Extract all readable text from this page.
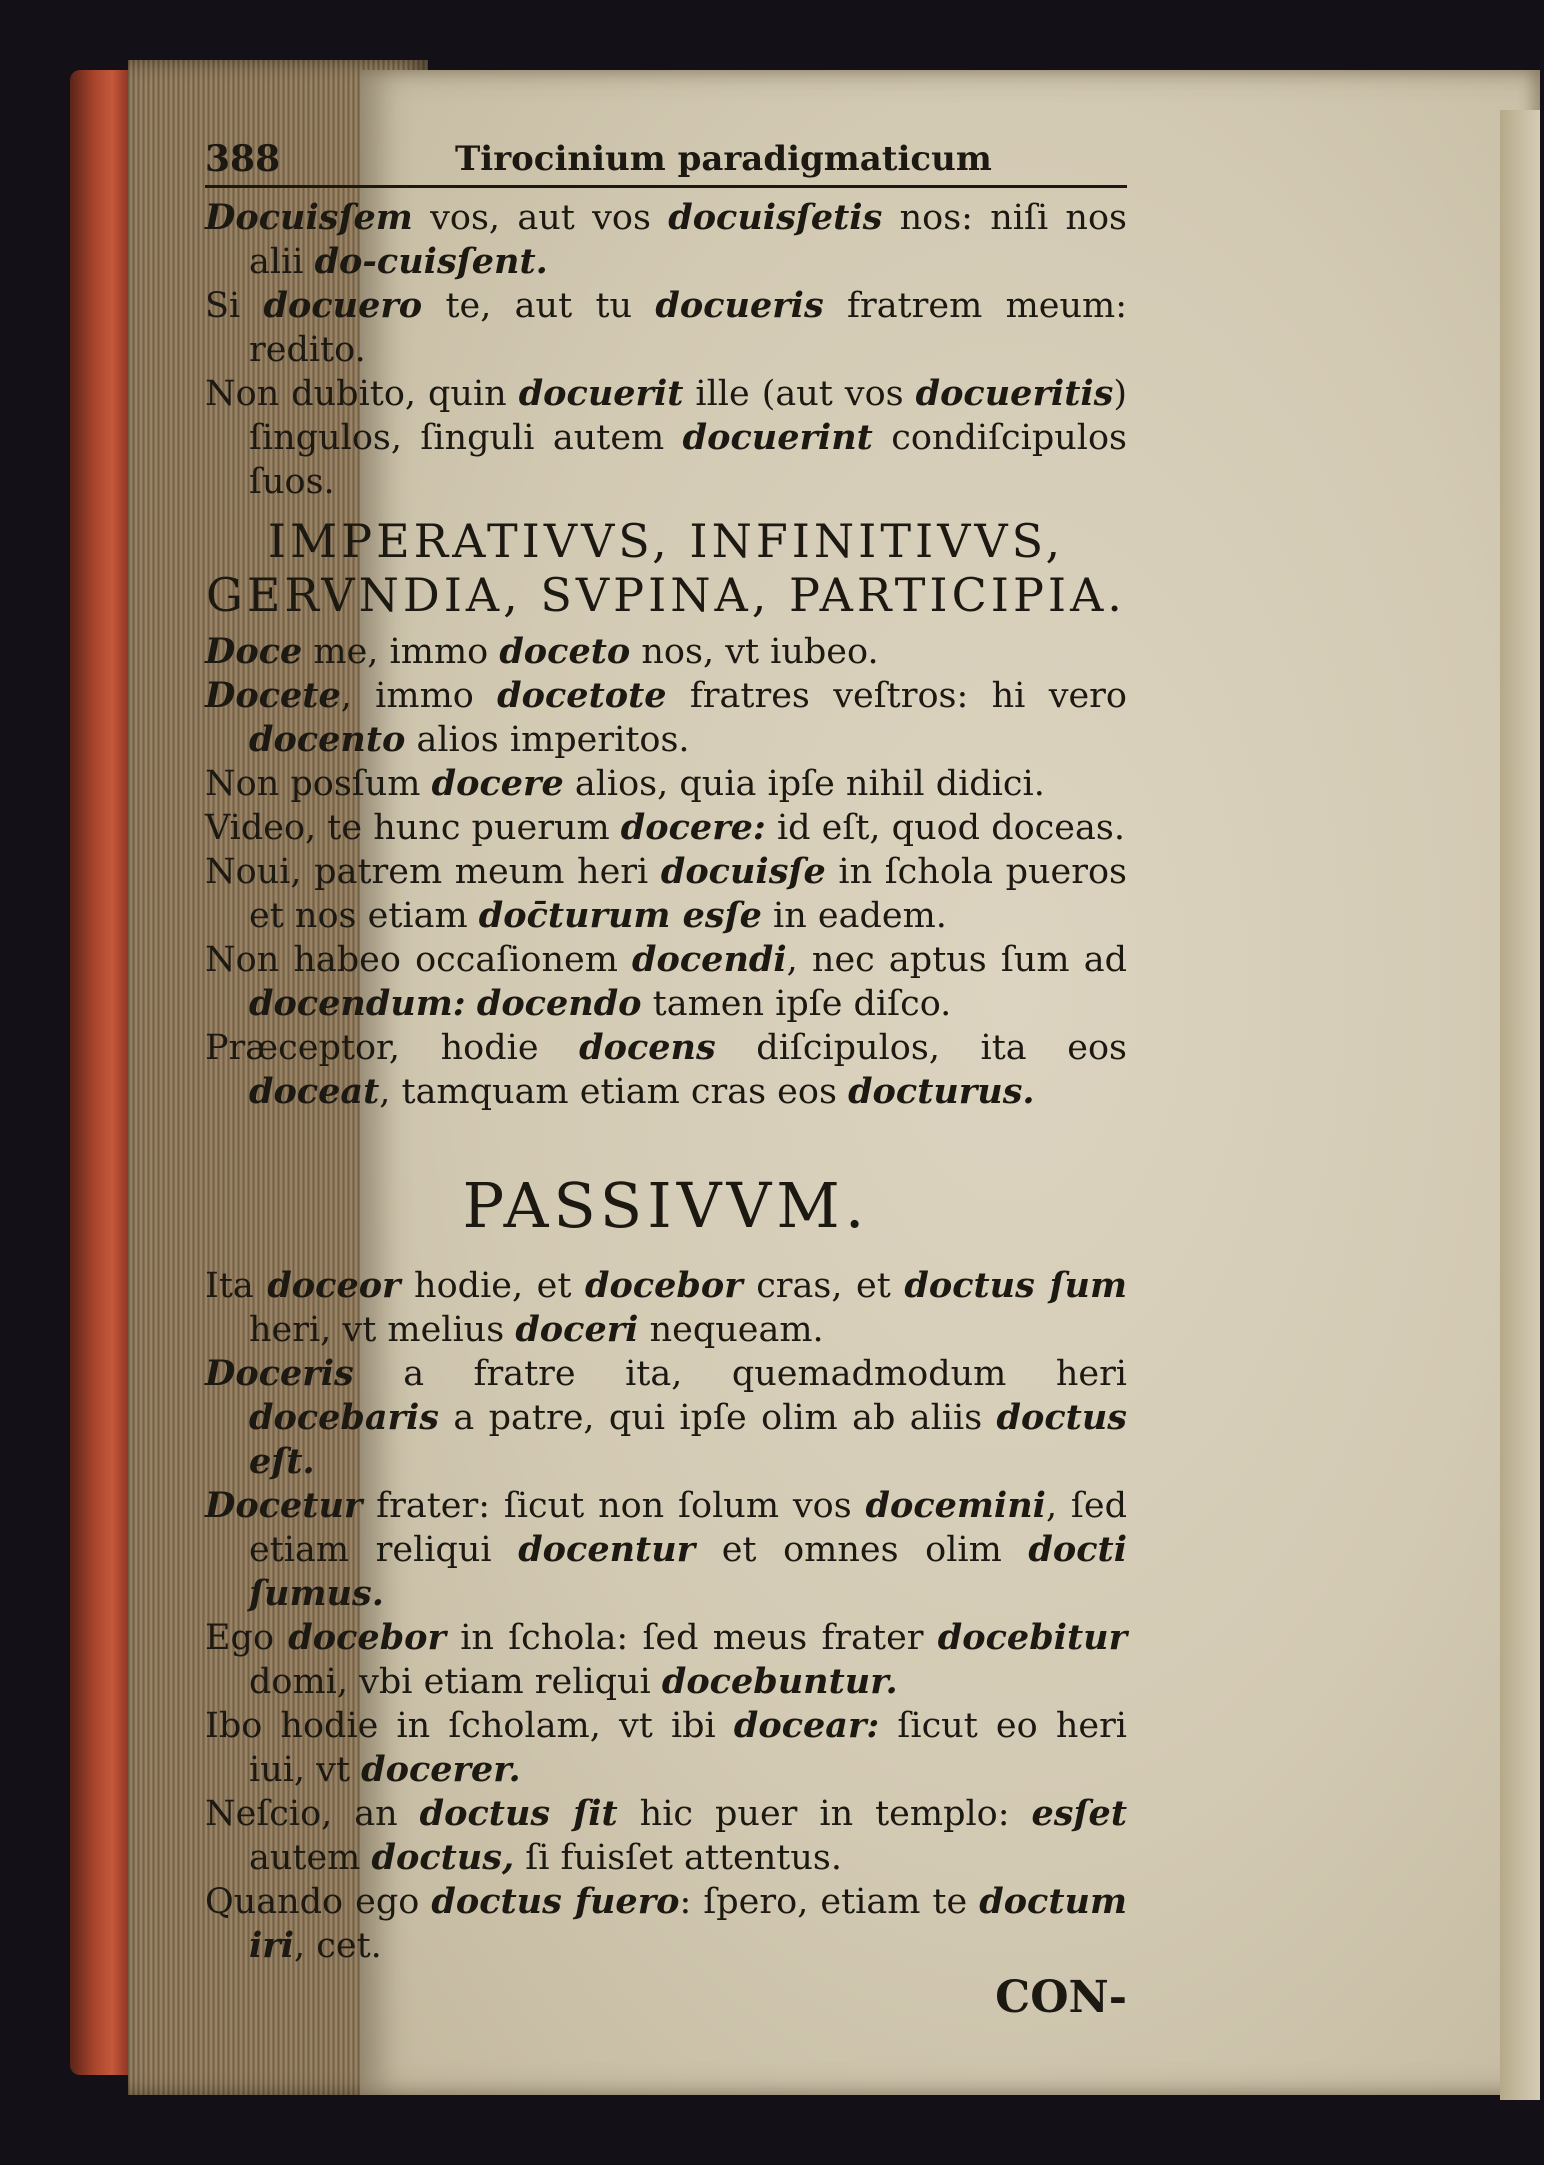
388	Tirocinium paradigmaticum

Docuisſem vos, aut vos docuisſetis nos: niſi nos alii do-cuisſent.

Si docuero te, aut tu docueris fratrem meum: redito.

Non dubito, quin docuerit ille (aut vos docueritis) ſingulos, ſinguli autem docuerint condiſcipulos ſuos.

IMPERATIVVS, INFINITIVVS, GERVNDIA, SVPINA, PARTICIPIA.

Doce me, immo doceto nos, vt iubeo.

Docete, immo docetote fratres veſtros: hi vero docento alios imperitos.

Non posſum docere alios, quia ipſe nihil didici.

Video, te hunc puerum docere: id eſt, quod doceas.

Noui, patrem meum heri docuisſe in ſchola pueros et nos etiam doc̄turum esſe in eadem.

Non habeo occaſionem docendi, nec aptus ſum ad docendum: docendo tamen ipſe diſco.

Præceptor, hodie docens diſcipulos, ita eos doceat, tamquam etiam cras eos docturus.

PASSIVVM.

Ita doceor hodie, et docebor cras, et doctus ſum heri, vt melius doceri nequeam.

Doceris a fratre ita, quemadmodum heri docebaris a patre, qui ipſe olim ab aliis doctus eſt.

Docetur frater: ſicut non ſolum vos docemini, ſed etiam reliqui docentur et omnes olim docti ſumus.

Ego docebor in ſchola: ſed meus frater docebitur domi, vbi etiam reliqui docebuntur.

Ibo hodie in ſcholam, vt ibi docear: ſicut eo heri iui, vt docerer.

Neſcio, an doctus ſit hic puer in templo: esſet autem doctus, ſi fuisſet attentus.

Quando ego doctus fuero: ſpero, etiam te doctum iri, cet.

CON-
